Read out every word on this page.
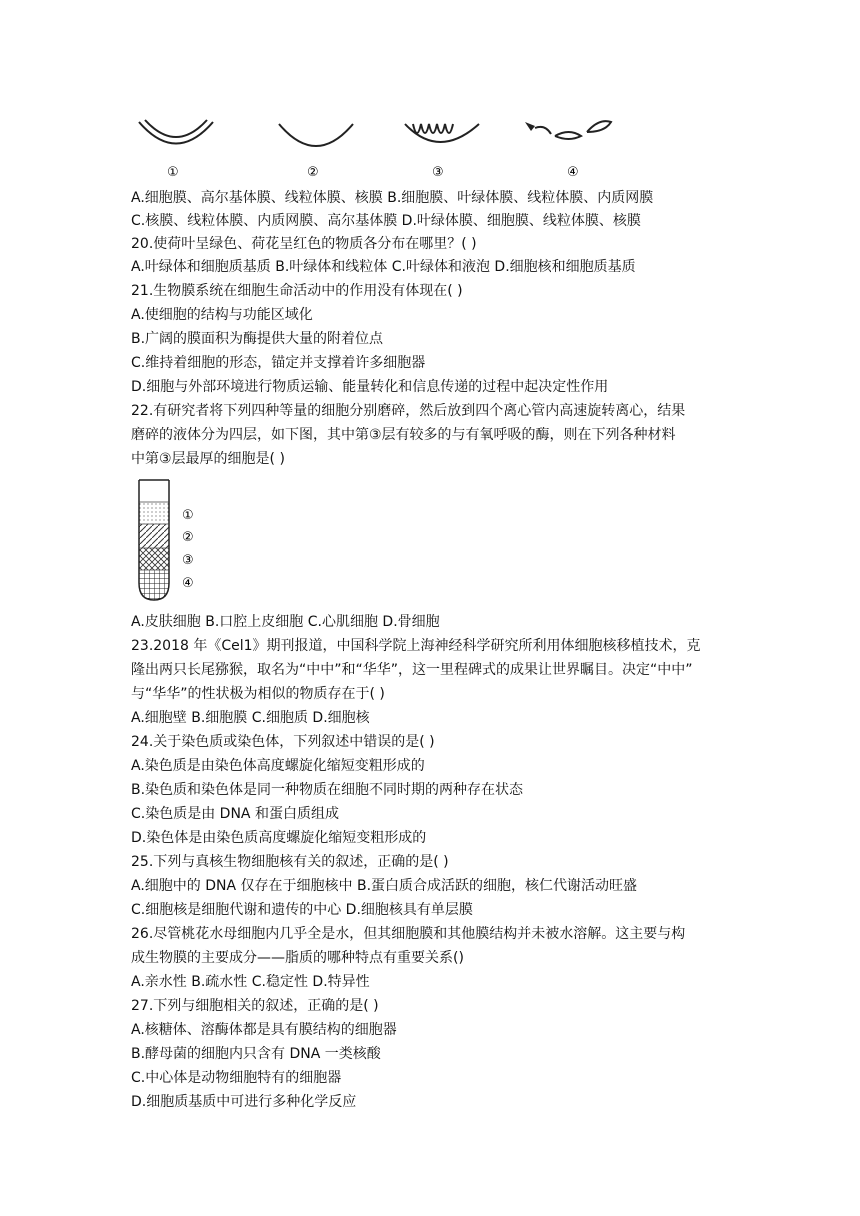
①	②	③	④
A.细胞膜、高尔基体膜、线粒体膜、核膜 B.细胞膜、叶绿体膜、线粒体膜、内质网膜
C.核膜、线粒体膜、内质网膜、高尔基体膜 D.叶绿体膜、细胞膜、线粒体膜、核膜
20.使荷叶呈绿色、荷花呈红色的物质各分布在哪里？( )
A.叶绿体和细胞质基质 B.叶绿体和线粒体 C.叶绿体和液泡 D.细胞核和细胞质基质
21.生物膜系统在细胞生命活动中的作用没有体现在( )
A.使细胞的结构与功能区域化
B.广阔的膜面积为酶提供大量的附着位点
C.维持着细胞的形态，锚定并支撑着许多细胞器
D.细胞与外部环境进行物质运输、能量转化和信息传递的过程中起决定性作用
22.有研究者将下列四种等量的细胞分别磨碎，然后放到四个离心管内高速旋转离心，结果
磨碎的液体分为四层，如下图，其中第③层有较多的与有氧呼吸的酶，则在下列各种材料
中第③层最厚的细胞是( )
①
②
③
④
A.皮肤细胞 B.口腔上皮细胞 C.心肌细胞 D.骨细胞
23.2018 年《Cel1》期刊报道，中国科学院上海神经科学研究所利用体细胞核移植技术，克
隆出两只长尾猕猴，取名为“中中”和“华华”，这一里程碑式的成果让世界瞩目。决定“中中”
与“华华”的性状极为相似的物质存在于( )
A.细胞壁 B.细胞膜 C.细胞质 D.细胞核
24.关于染色质或染色体，下列叙述中错误的是( )
A.染色质是由染色体高度螺旋化缩短变粗形成的
B.染色质和染色体是同一种物质在细胞不同时期的两种存在状态
C.染色质是由 DNA 和蛋白质组成
D.染色体是由染色质高度螺旋化缩短变粗形成的
25.下列与真核生物细胞核有关的叙述，正确的是( )
A.细胞中的 DNA 仅存在于细胞核中 B.蛋白质合成活跃的细胞，核仁代谢活动旺盛
C.细胞核是细胞代谢和遗传的中心 D.细胞核具有单层膜
26.尽管桃花水母细胞内几乎全是水，但其细胞膜和其他膜结构并未被水溶解。这主要与构
成生物膜的主要成分——脂质的哪种特点有重要关系()
A.亲水性 B.疏水性 C.稳定性 D.特异性
27.下列与细胞相关的叙述，正确的是( )
A.核糖体、溶酶体都是具有膜结构的细胞器
B.酵母菌的细胞内只含有 DNA 一类核酸
C.中心体是动物细胞特有的细胞器
D.细胞质基质中可进行多种化学反应
